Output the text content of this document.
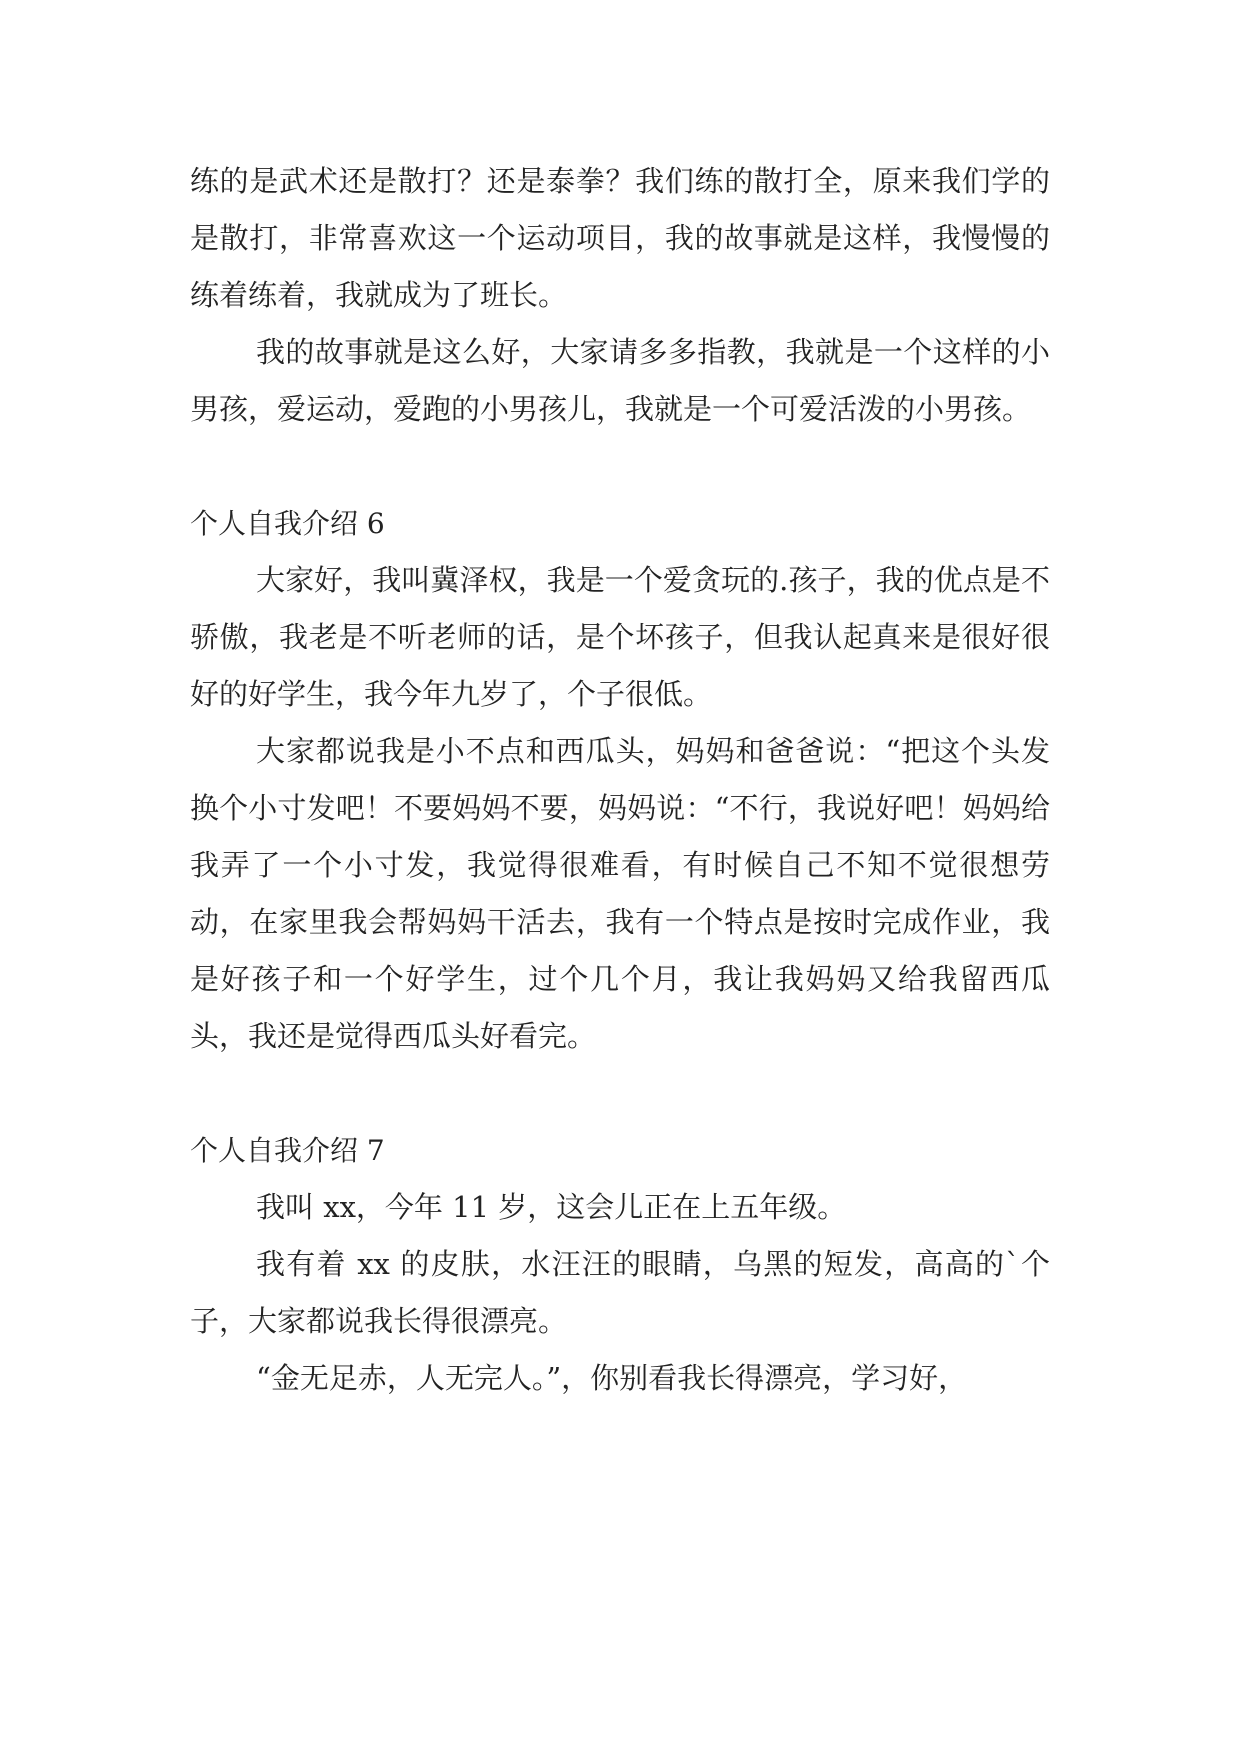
练的是武术还是散打？还是泰拳？我们练的散打全，原来我们学的是散打，非常喜欢这一个运动项目，我的故事就是这样，我慢慢的练着练着，我就成为了班长。

我的故事就是这么好，大家请多多指教，我就是一个这样的小男孩，爱运动，爱跑的小男孩儿，我就是一个可爱活泼的小男孩。

个人自我介绍 6

大家好，我叫冀泽权，我是一个爱贪玩的.孩子，我的优点是不骄傲，我老是不听老师的话，是个坏孩子，但我认起真来是很好很好的好学生，我今年九岁了，个子很低。

大家都说我是小不点和西瓜头，妈妈和爸爸说：“把这个头发换个小寸发吧！不要妈妈不要，妈妈说：“不行，我说好吧！妈妈给我弄了一个小寸发，我觉得很难看，有时候自己不知不觉很想劳动，在家里我会帮妈妈干活去，我有一个特点是按时完成作业，我是好孩子和一个好学生，过个几个月，我让我妈妈又给我留西瓜头，我还是觉得西瓜头好看完。

个人自我介绍 7

我叫 xx，今年 11 岁，这会儿正在上五年级。

我有着 xx 的皮肤，水汪汪的眼睛，乌黑的短发，高高的`个子，大家都说我长得很漂亮。

“金无足赤，人无完人。”，你别看我长得漂亮，学习好，
